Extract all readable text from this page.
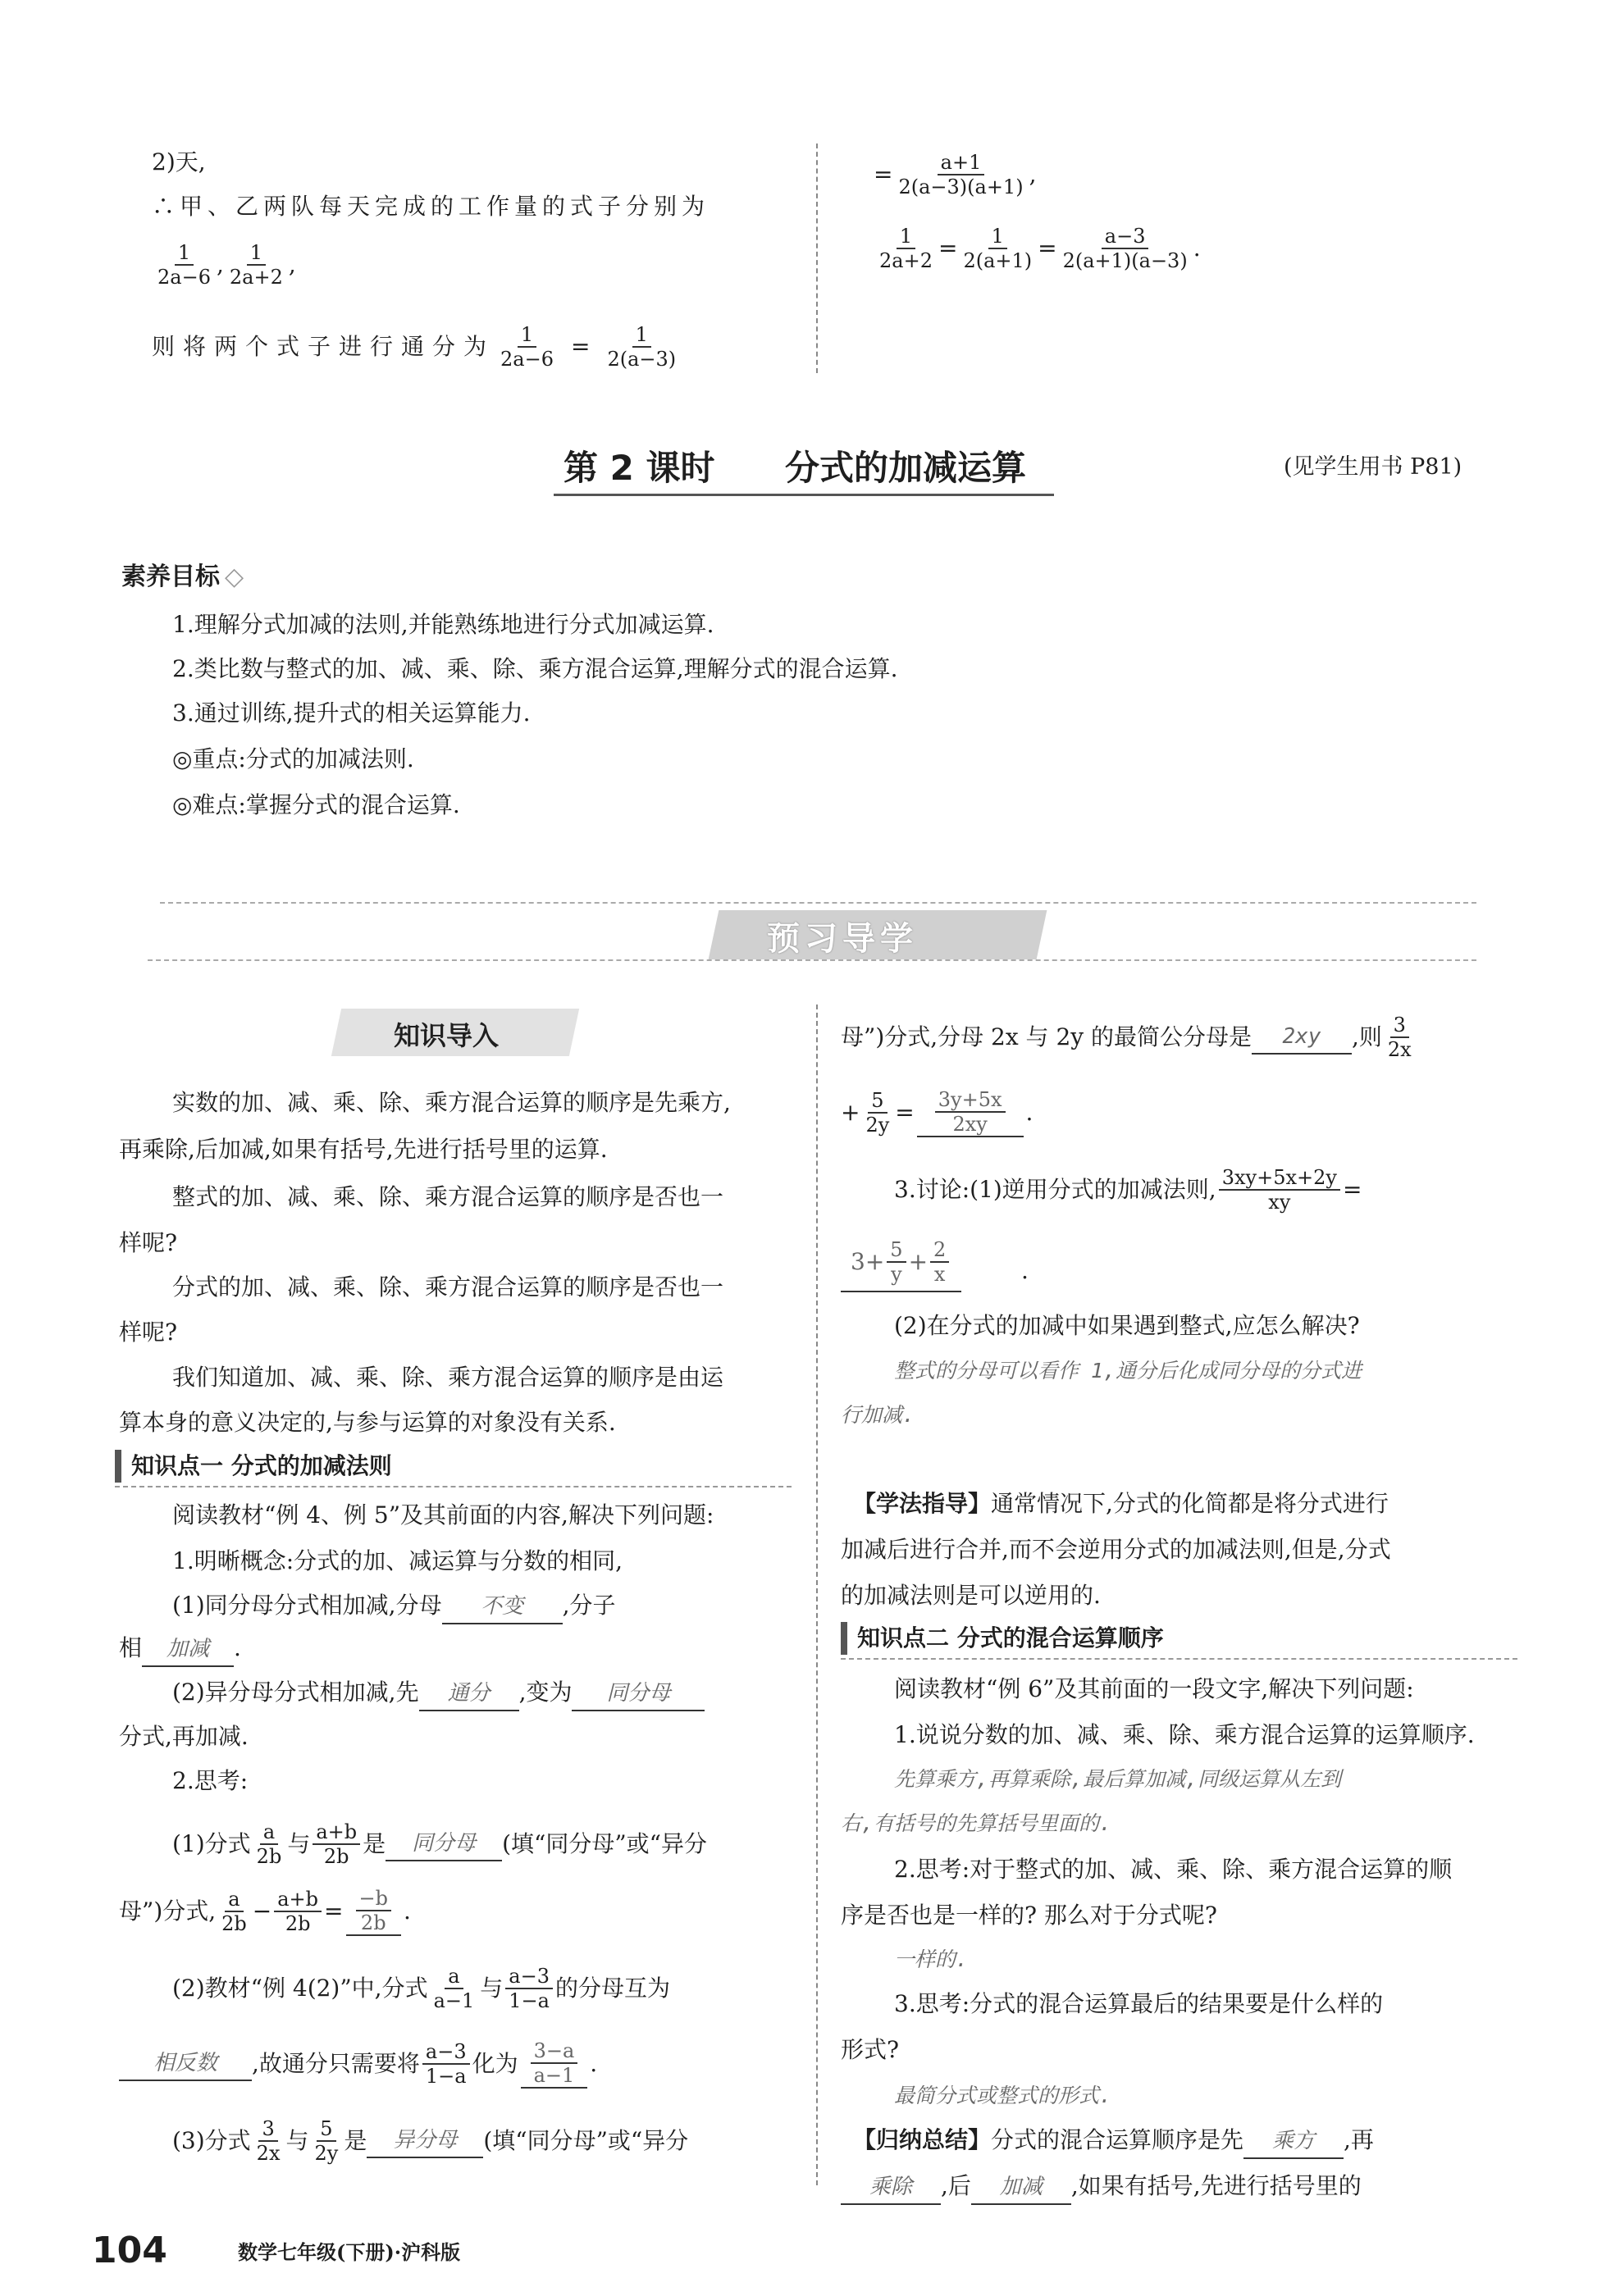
2)天,
∴甲、乙两队每天完成的工作量的式子分别为
$\frac{1}{2a-6}$ , $\frac{1}{2a+2}$ ,
则将两个式子进行通分为 $\frac{1}{2a-6} = \frac{1}{2(a-3)}$
= $\frac{a+1}{2(a-3)(a+1)}$ ,
$\frac{1}{2a+2} = \frac{1}{2(a+1)} = \frac{a-3}{2(a+1)(a-3)}$ .
第 2 课时 分式的加减运算	(见学生用书 P81)
素养目标 ◇
1.理解分式加减的法则,并能熟练地进行分式加减运算.
2.类比数与整式的加、减、乘、除、乘方混合运算,理解分式的混合运算.
3.通过训练,提升式的相关运算能力.
◎重点:分式的加减法则.
◎难点:掌握分式的混合运算.
预习导学
知识导入
实数的加、减、乘、除、乘方混合运算的顺序是先乘方,
再乘除,后加减,如果有括号,先进行括号里的运算.
整式的加、减、乘、除、乘方混合运算的顺序是否也一
样呢?
分式的加、减、乘、除、乘方混合运算的顺序是否也一
样呢?
我们知道加、减、乘、除、乘方混合运算的顺序是由运
算本身的意义决定的,与参与运算的对象没有关系.
知识点一 分式的加减法则
阅读教材“例 4、例 5”及其前面的内容,解决下列问题:
1.明晰概念:分式的加、减运算与分数的相同,
(1)同分母分式相加减,分母 不变 ,分子
相 加减 .
(2)异分母分式相加减,先 通分 ,变为 同分母
分式,再加减.
2.思考:
(1)分式 $\frac{a}{2b}$ 与 $\frac{a+b}{2b}$ 是	同分母	(填“同分母”或“异分
母”)分式, $\frac{a}{2b} - \frac{a+b}{2b} = \frac{-b}{2b}$ .
(2)教材“例 4(2)”中,分式 $\frac{a}{a-1}$ 与 $\frac{a-3}{1-a}$ 的分母互为
相反数	,故通分只需要将 $\frac{a-3}{1-a}$ 化为 $\frac{3-a}{a-1}$ .
(3)分式 $\frac{3}{2x}$ 与 $\frac{5}{2y}$ 是	异分母	(填“同分母”或“异分
母”)分式,分母 2x 与 2y 的最简公分母是	2xy	,则 $\frac{3}{2x}$
+ $\frac{5}{2y} = \frac{3y+5x}{2xy}$ .
3.讨论:(1)逆用分式的加减法则, $\frac{3xy+5x+2y}{xy}$ =
$3+ \frac{5}{y} + \frac{2}{x}$	.
(2)在分式的加减中如果遇到整式,应怎么解决?
整式的分母可以看作 1,通分后化成同分母的分式进
行加减.
【学法指导】通常情况下,分式的化简都是将分式进行
加减后进行合并,而不会逆用分式的加减法则,但是,分式
的加减法则是可以逆用的.
知识点二 分式的混合运算顺序
阅读教材“例 6”及其前面的一段文字,解决下列问题:
1.说说分数的加、减、乘、除、乘方混合运算的运算顺序.
先算乘方,再算乘除,最后算加减,同级运算从左到
右,有括号的先算括号里面的.
2.思考:对于整式的加、减、乘、除、乘方混合运算的顺
序是否也是一样的? 那么对于分式呢?
一样的.
3.思考:分式的混合运算最后的结果要是什么样的
形式?
最简分式或整式的形式.
【归纳总结】分式的混合运算顺序是先 乘方 ,再
乘除 ,后 加减 ,如果有括号,先进行括号里的
104	数学七年级(下册)·沪科版
